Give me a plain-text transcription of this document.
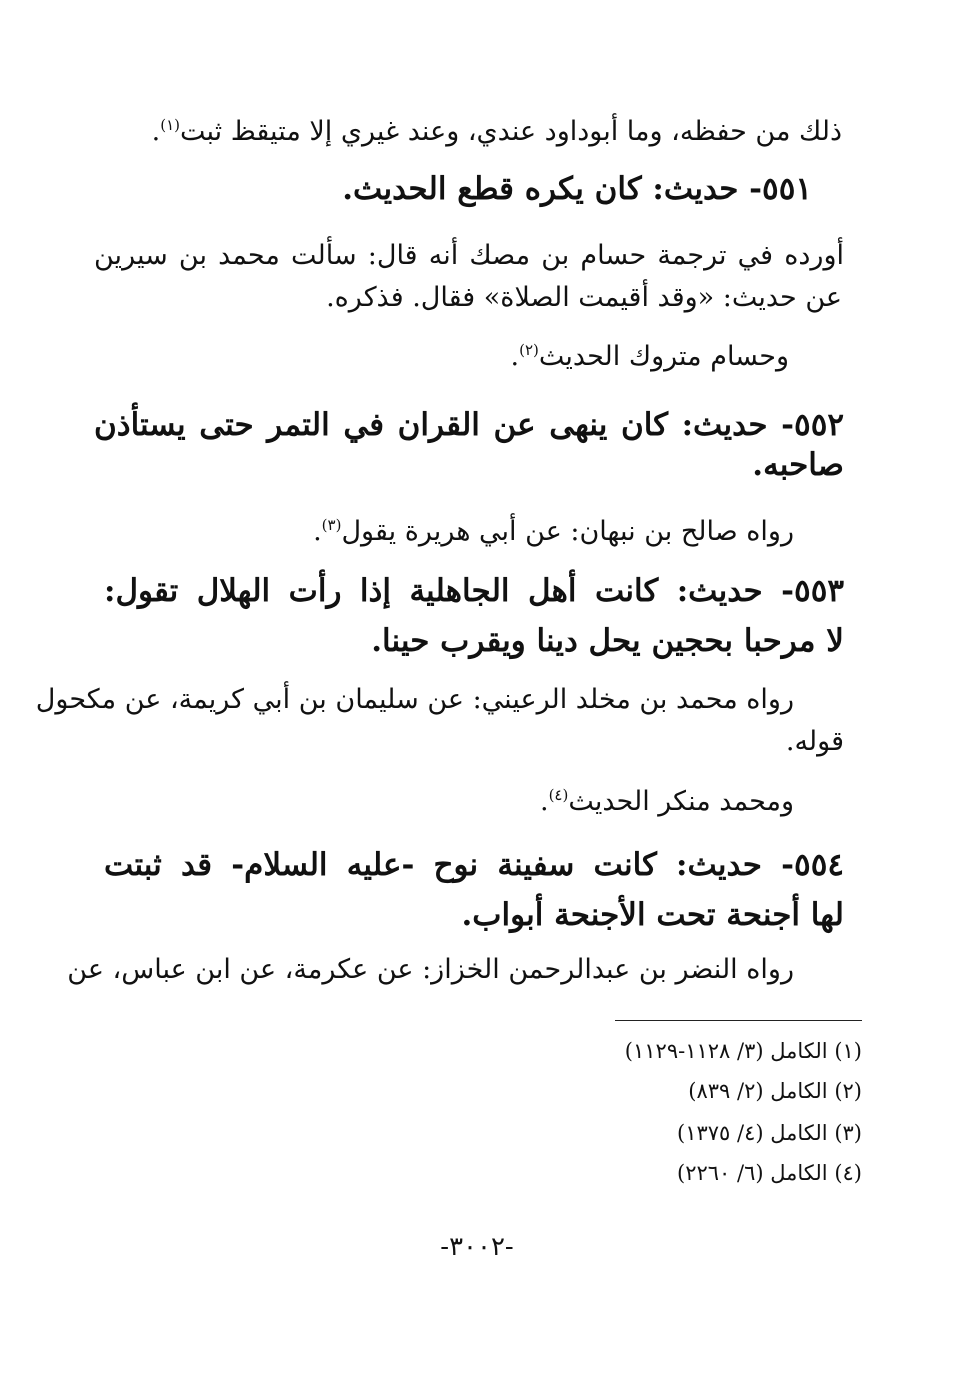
ذلك من حفظه، وما أبوداود عندي، وعند غيري إلا متيقظ ثبت$^{(١)}$.
٥٥١- حديث: كان يكره قطع الحديث.
أورده في ترجمة حسام بن مصك أنه قال: سألت محمد بن سيرين
عن حديث: «وقد أقيمت الصلاة» فقال. فذكره.
وحسام متروك الحديث$^{(٢)}$.
٥٥٢- حديث: كان ينهى عن القران في التمر حتى يستأذن
صاحبه.
رواه صالح بن نبهان: عن أبي هريرة يقول$^{(٣)}$.
٥٥٣- حديث: كانت أهل الجاهلية إذا رأت الهلال تقول:
لا مرحبا بحجين يحل دينا ويقرب حينا.
رواه محمد بن مخلد الرعيني: عن سليمان بن أبي كريمة، عن مكحول
قوله.
ومحمد منكر الحديث$^{(٤)}$.
٥٥٤- حديث: كانت سفينة نوح -عليه السلام- قد ثبتت
لها أجنحة تحت الأجنحة أبواب.
رواه النضر بن عبدالرحمن الخزاز: عن عكرمة، عن ابن عباس، عن
(١) الكامل (٣/ ١١٢٨-١١٢٩)
(٢) الكامل (٢/ ٨٣٩)
(٣) الكامل (٤/ ١٣٧٥)
(٤) الكامل (٦/ ٢٢٦٠)
-٣٠٠٢-
